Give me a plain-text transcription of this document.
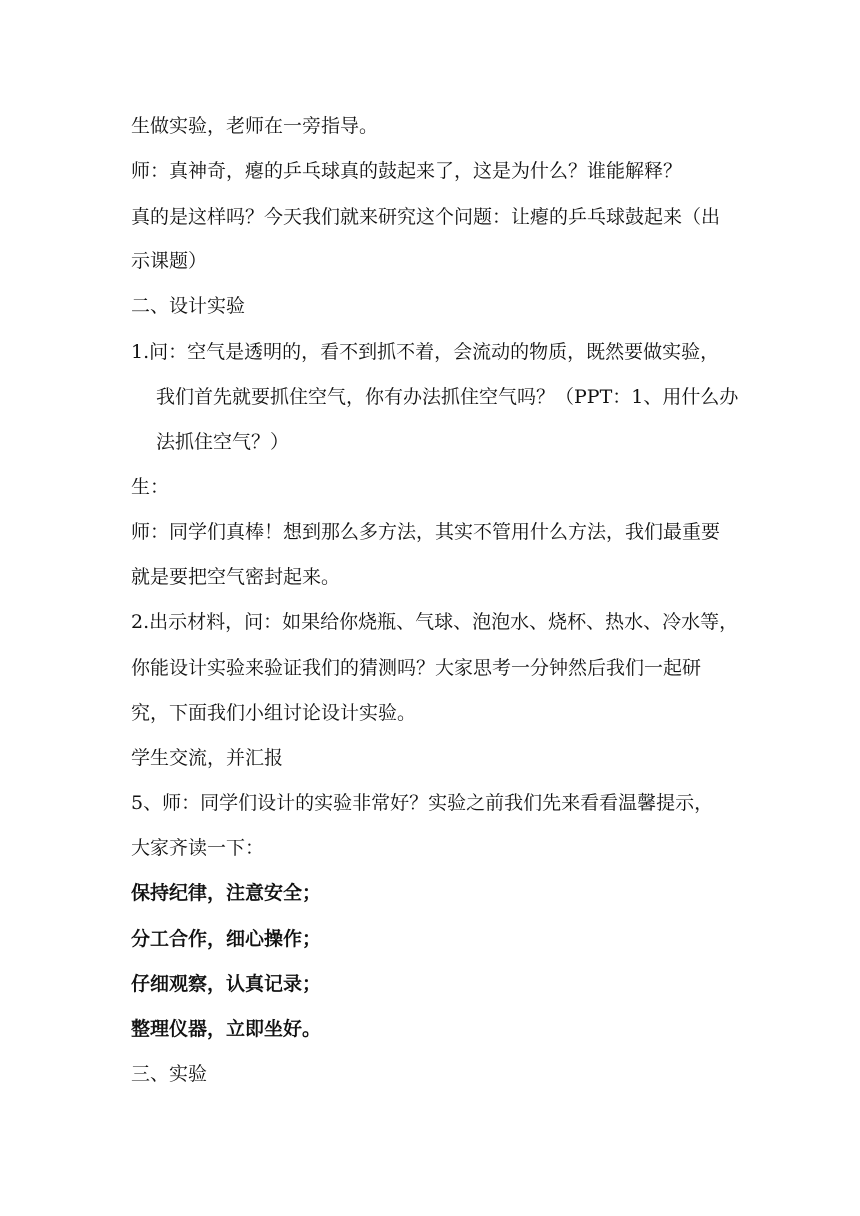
生做实验，老师在一旁指导。

师：真神奇，瘪的乒乓球真的鼓起来了，这是为什么？谁能解释？

真的是这样吗？今天我们就来研究这个问题：让瘪的乒乓球鼓起来（出

示课题）

二、设计实验

1.问：空气是透明的，看不到抓不着，会流动的物质，既然要做实验，

我们首先就要抓住空气，你有办法抓住空气吗？（PPT：1、用什么办

法抓住空气？）

生：

师：同学们真棒！想到那么多方法，其实不管用什么方法，我们最重要

就是要把空气密封起来。

2.出示材料，问：如果给你烧瓶、气球、泡泡水、烧杯、热水、冷水等，

你能设计实验来验证我们的猜测吗？大家思考一分钟然后我们一起研

究，下面我们小组讨论设计实验。

学生交流，并汇报

5、师：同学们设计的实验非常好？实验之前我们先来看看温馨提示，

大家齐读一下：

保持纪律，注意安全；

分工合作，细心操作；

仔细观察，认真记录；

整理仪器，立即坐好。

三、实验
